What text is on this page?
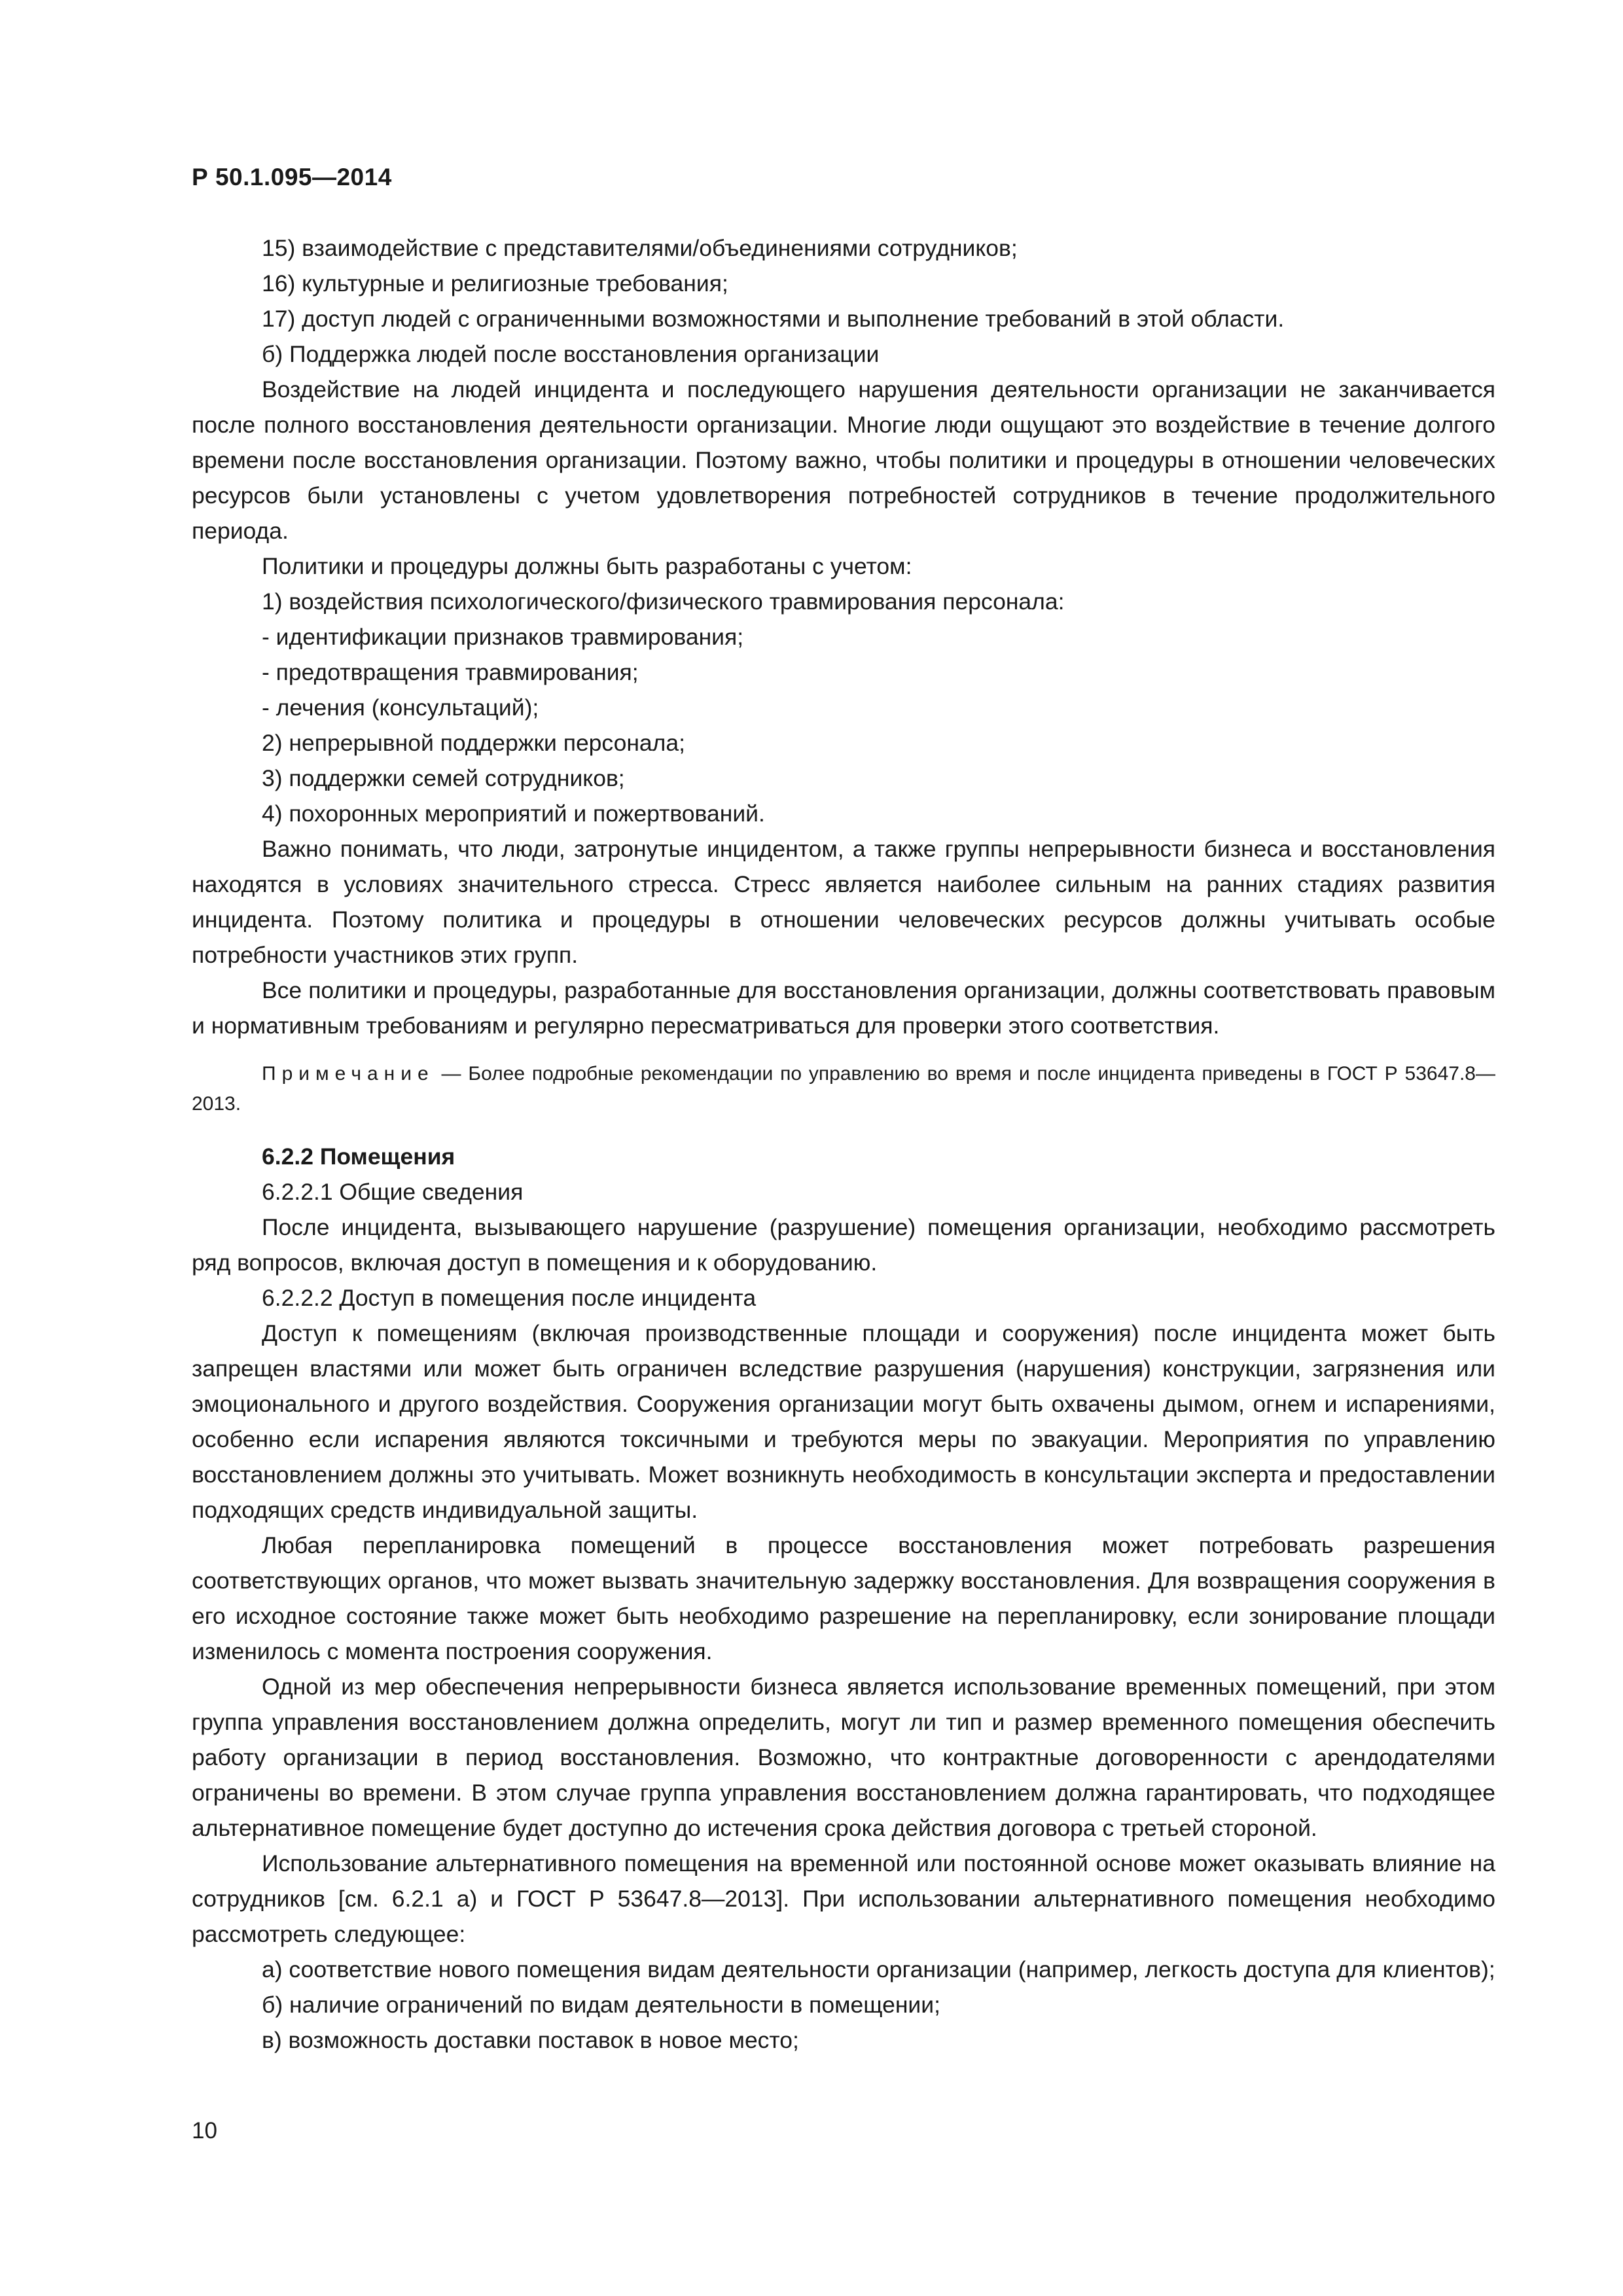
Р 50.1.095—2014

15) взаимодействие с представителями/объединениями сотрудников;

16) культурные и религиозные требования;

17) доступ людей с ограниченными возможностями и выполнение требований в этой области.

б) Поддержка людей после восстановления организации

Воздействие на людей инцидента и последующего нарушения деятельности организации не заканчивается после полного восстановления деятельности организации. Многие люди ощущают это воздействие в течение долгого времени после восстановления организации. Поэтому важно, чтобы политики и процедуры в отношении человеческих ресурсов были установлены с учетом удовлетворения потребностей сотрудников в течение продолжительного периода.

Политики и процедуры должны быть разработаны с учетом:

1) воздействия психологического/физического травмирования персонала:

- идентификации признаков травмирования;

- предотвращения травмирования;

- лечения (консультаций);

2) непрерывной поддержки персонала;

3) поддержки семей сотрудников;

4) похоронных мероприятий и пожертвований.

Важно понимать, что люди, затронутые инцидентом, а также группы непрерывности бизнеса и восстановления находятся в условиях значительного стресса. Стресс является наиболее сильным на ранних стадиях развития инцидента. Поэтому политика и процедуры в отношении человеческих ресурсов должны учитывать особые потребности участников этих групп.

Все политики и процедуры, разработанные для восстановления организации, должны соответствовать правовым и нормативным требованиям и регулярно пересматриваться для проверки этого соответствия.

Примечание — Более подробные рекомендации по управлению во время и после инцидента приведены в ГОСТ Р 53647.8—2013.

6.2.2 Помещения

6.2.2.1 Общие сведения

После инцидента, вызывающего нарушение (разрушение) помещения организации, необходимо рассмотреть ряд вопросов, включая доступ в помещения и к оборудованию.

6.2.2.2 Доступ в помещения после инцидента

Доступ к помещениям (включая производственные площади и сооружения) после инцидента может быть запрещен властями или может быть ограничен вследствие разрушения (нарушения) конструкции, загрязнения или эмоционального и другого воздействия. Сооружения организации могут быть охвачены дымом, огнем и испарениями, особенно если испарения являются токсичными и требуются меры по эвакуации. Мероприятия по управлению восстановлением должны это учитывать. Может возникнуть необходимость в консультации эксперта и предоставлении подходящих средств индивидуальной защиты.

Любая перепланировка помещений в процессе восстановления может потребовать разрешения соответствующих органов, что может вызвать значительную задержку восстановления. Для возвращения сооружения в его исходное состояние также может быть необходимо разрешение на перепланировку, если зонирование площади изменилось с момента построения сооружения.

Одной из мер обеспечения непрерывности бизнеса является использование временных помещений, при этом группа управления восстановлением должна определить, могут ли тип и размер временного помещения обеспечить работу организации в период восстановления. Возможно, что контрактные договоренности с арендодателями ограничены во времени. В этом случае группа управления восстановлением должна гарантировать, что подходящее альтернативное помещение будет доступно до истечения срока действия договора с третьей стороной.

Использование альтернативного помещения на временной или постоянной основе может оказывать влияние на сотрудников [см. 6.2.1 а) и ГОСТ Р 53647.8—2013]. При использовании альтернативного помещения необходимо рассмотреть следующее:

а) соответствие нового помещения видам деятельности организации (например, легкость доступа для клиентов);

б) наличие ограничений по видам деятельности в помещении;

в) возможность доставки поставок в новое место;

10
